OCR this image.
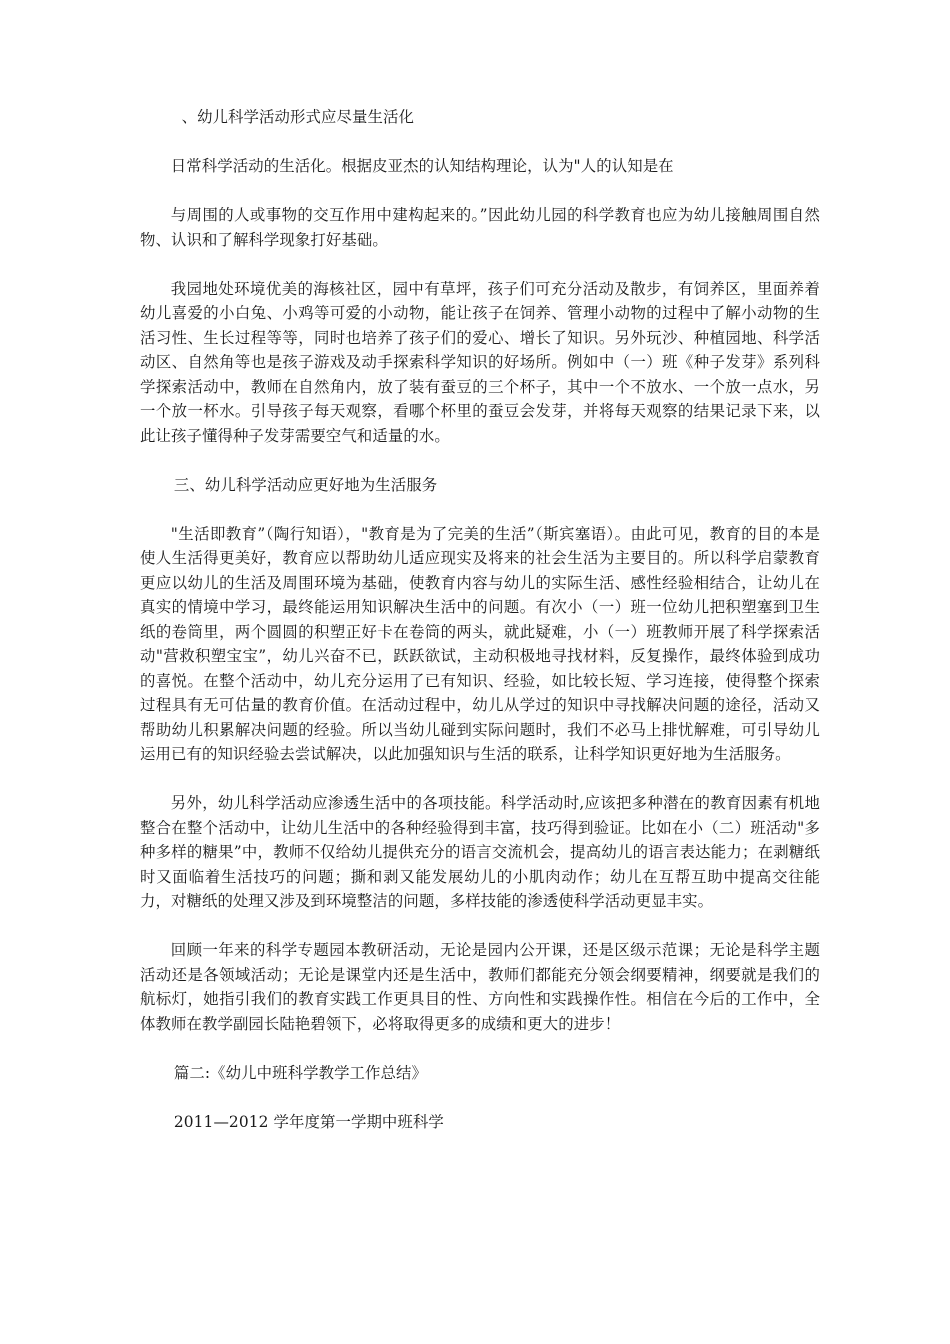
、幼儿科学活动形式应尽量生活化

日常科学活动的生活化。根据皮亚杰的认知结构理论，认为"人的认知是在

与周围的人或事物的交互作用中建构起来的。”因此幼儿园的科学教育也应为幼儿接触周围自然物、认识和了解科学现象打好基础。

我园地处环境优美的海核社区，园中有草坪，孩子们可充分活动及散步，有饲养区，里面养着幼儿喜爱的小白兔、小鸡等可爱的小动物，能让孩子在饲养、管理小动物的过程中了解小动物的生活习性、生长过程等等，同时也培养了孩子们的爱心、增长了知识。另外玩沙、种植园地、科学活动区、自然角等也是孩子游戏及动手探索科学知识的好场所。例如中（一）班《种子发芽》系列科学探索活动中，教师在自然角内，放了装有蚕豆的三个杯子，其中一个不放水、一个放一点水，另一个放一杯水。引导孩子每天观察，看哪个杯里的蚕豆会发芽，并将每天观察的结果记录下来，以此让孩子懂得种子发芽需要空气和适量的水。

三、幼儿科学活动应更好地为生活服务

"生活即教育”（陶行知语），"教育是为了完美的生活”（斯宾塞语）。由此可见，教育的目的本是使人生活得更美好，教育应以帮助幼儿适应现实及将来的社会生活为主要目的。所以科学启蒙教育更应以幼儿的生活及周围环境为基础，使教育内容与幼儿的实际生活、感性经验相结合，让幼儿在真实的情境中学习，最终能运用知识解决生活中的问题。有次小（一）班一位幼儿把积塑塞到卫生纸的卷筒里，两个圆圆的积塑正好卡在卷筒的两头，就此疑难，小（一）班教师开展了科学探索活动"营救积塑宝宝”，幼儿兴奋不已，跃跃欲试，主动积极地寻找材料，反复操作，最终体验到成功的喜悦。在整个活动中，幼儿充分运用了已有知识、经验，如比较长短、学习连接，使得整个探索过程具有无可估量的教育价值。在活动过程中，幼儿从学过的知识中寻找解决问题的途径，活动又帮助幼儿积累解决问题的经验。所以当幼儿碰到实际问题时，我们不必马上排忧解难，可引导幼儿运用已有的知识经验去尝试解决，以此加强知识与生活的联系，让科学知识更好地为生活服务。

另外，幼儿科学活动应渗透生活中的各项技能。科学活动时,应该把多种潜在的教育因素有机地整合在整个活动中，让幼儿生活中的各种经验得到丰富，技巧得到验证。比如在小（二）班活动"多种多样的糖果”中，教师不仅给幼儿提供充分的语言交流机会，提高幼儿的语言表达能力；在剥糖纸时又面临着生活技巧的问题；撕和剥又能发展幼儿的小肌肉动作；幼儿在互帮互助中提高交往能力，对糖纸的处理又涉及到环境整洁的问题，多样技能的渗透使科学活动更显丰实。

回顾一年来的科学专题园本教研活动，无论是园内公开课，还是区级示范课；无论是科学主题活动还是各领域活动；无论是课堂内还是生活中，教师们都能充分领会纲要精神，纲要就是我们的航标灯，她指引我们的教育实践工作更具目的性、方向性和实践操作性。相信在今后的工作中，全体教师在教学副园长陆艳碧领下，必将取得更多的成绩和更大的进步！

篇二:《幼儿中班科学教学工作总结》

2011—2012 学年度第一学期中班科学
